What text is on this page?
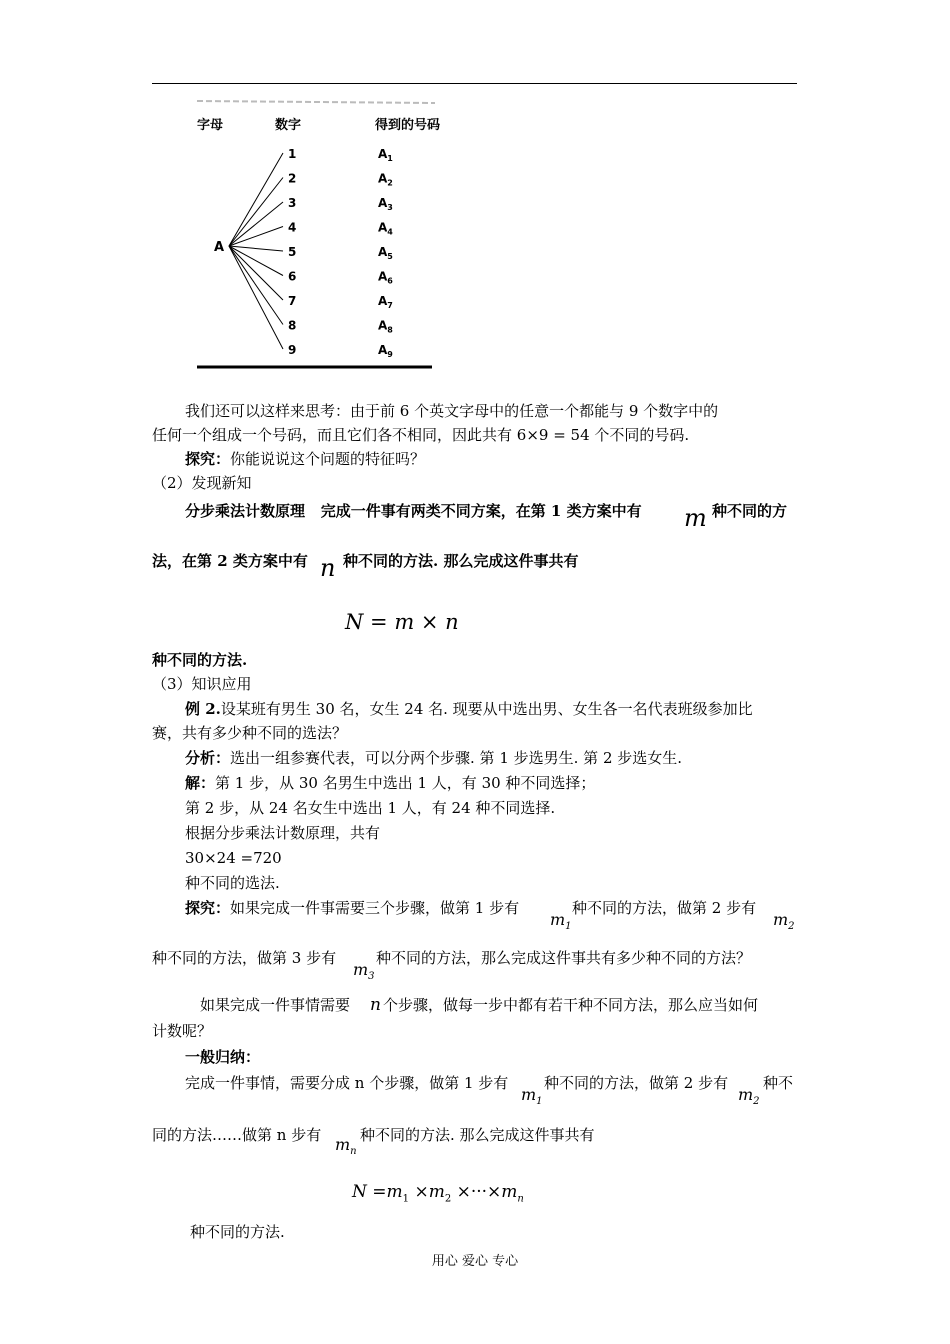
字母	数字	得到的号码
A
1
2
3
4
5
6
7
8
9
$A_1$
$A_2$
$A_3$
$A_4$
$A_5$
$A_6$
$A_7$
$A_8$
$A_9$
我们还可以这样来思考：由于前 6 个英文字母中的任意一个都能与 9 个数字中的
任何一个组成一个号码，而且它们各不相同，因此共有 6×9 = 54 个不同的号码.
探究：你能说说这个问题的特征吗？
（2）发现新知
分步乘法计数原理 完成一件事有两类不同方案，在第 1 类方案中有 m 种不同的方
法，在第 2 类方案中有 n 种不同的方法. 那么完成这件事共有
N = m × n
种不同的方法.
（3）知识应用
例 2.设某班有男生 30 名，女生 24 名. 现要从中选出男、女生各一名代表班级参加比
赛，共有多少种不同的选法？
分析：选出一组参赛代表，可以分两个步骤. 第 1 步选男生. 第 2 步选女生.
解：第 1 步，从 30 名男生中选出 1 人，有 30 种不同选择；
第 2 步，从 24 名女生中选出 1 人，有 24 种不同选择.
根据分步乘法计数原理，共有
30×24 =720
种不同的选法.
探究：如果完成一件事需要三个步骤，做第 1 步有
$m_1$
种不同的方法，做第 2 步有
$m_2$
种不同的方法，做第 3 步有
$m_3$
种不同的方法，那么完成这件事共有多少种不同的方法？
如果完成一件事情需要 n 个步骤，做每一步中都有若干种不同方法，那么应当如何
计数呢？
一般归纳：
完成一件事情，需要分成 n 个步骤，做第 1 步有
$m_1$
种不同的方法，做第 2 步有
$m_2$
种不
同的方法……做第 n 步有 $m_n$
种不同的方法. 那么完成这件事共有
$N =m_1 \times m_2 \times\cdot\cdot\cdot\times m_n$
种不同的方法.
用心 爱心 专心
